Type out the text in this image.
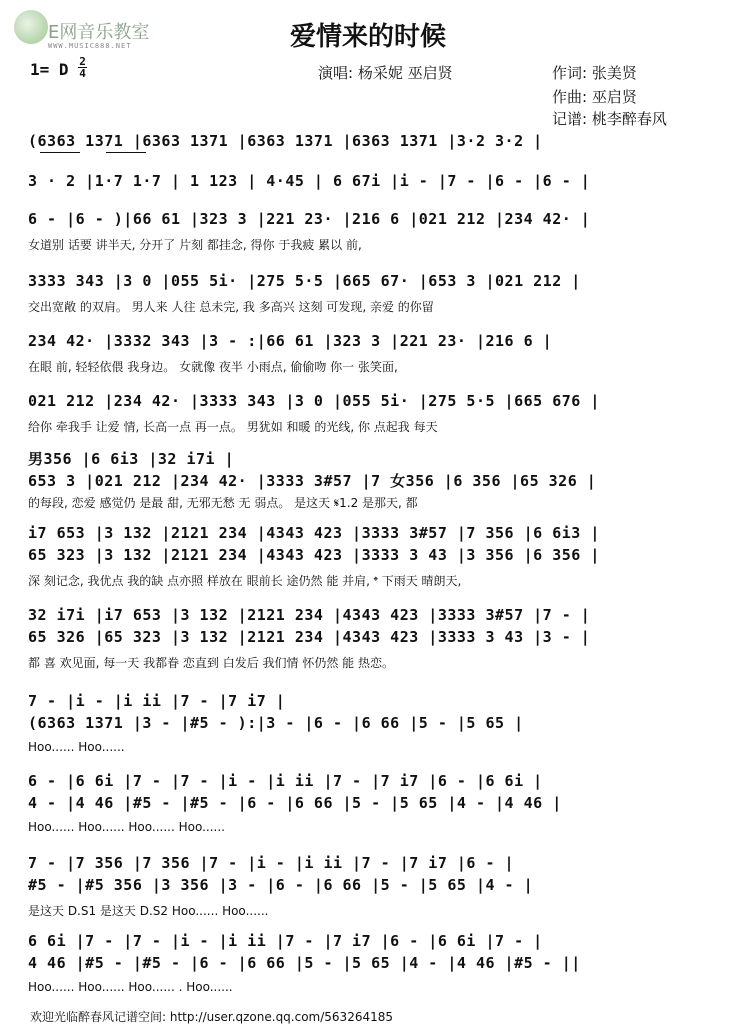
E网音乐教室
WWW.MUSIC888.NET	爱情来的时候
1= D 2
4	演唱: 杨采妮 巫启贤	作词: 张美贤
作曲: 巫启贤
记谱: 桃李醉春风
(6363 1371 |6363 1371 |6363 1371 |6363 1371 |3·2 3·2 |
3 · 2 |1·7 1·7 | 1 123 | 4·45 | 6 67i |i - |7 - |6 - |6 - |
6 - |6 - )|66 61 |323 3 |221 23· |216 6 |021 212 |234 42· |
女道别 话要 讲半天, 分开了 片刻 都挂念, 得你 于我疲 累以 前,
3333 343 |3 0 |055 5i· |275 5·5 |665 67· |653 3 |021 212 |
交出宽敞 的双肩。 男人来 人往 总未完, 我 多高兴 这刻 可发现, 亲爱 的你留
234 42· |3332 343 |3 - :|66 61 |323 3 |221 23· |216 6 |
在眼 前, 轻轻依偎 我身边。 女就像 夜半 小雨点, 偷偷吻 你一 张笑面,
021 212 |234 42· |3333 343 |3 0 |055 5i· |275 5·5 |665 676 |
给你 牵我手 让爱 情, 长高一点 再一点。 男犹如 和暖 的光线, 你 点起我 每天
男356 |6 6i3 |32 i7i |
653 3 |021 212 |234 42· |3333 3#57 |7 女356 |6 356 |65 326 |
的每段, 恋爱 感觉仍 是最 甜, 无邪无愁 无 弱点。 是这天 𝄋1.2 是那天, 都
i7 653 |3 132 |2121 234 |4343 423 |3333 3#57 |7 356 |6 6i3 |
65 323 |3 132 |2121 234 |4343 423 |3333 3 43 |3 356 |6 356 |
深 刻记念, 我优点 我的缺 点亦照 样放在 眼前长 途仍然 能 并肩, 𝄌 下雨天 晴朗天,
32 i7i |i7 653 |3 132 |2121 234 |4343 423 |3333 3#57 |7 - |
65 326 |65 323 |3 132 |2121 234 |4343 423 |3333 3 43 |3 - |
都 喜 欢见面, 每一天 我都眷 恋直到 白发后 我们情 怀仍然 能 热恋。
7 - |i - |i ii |7 - |7 i7 |
(6363 1371 |3 - |#5 - ):|3 - |6 - |6 66 |5 - |5 65 |
Hoo...... Hoo......
6 - |6 6i |7 - |7 - |i - |i ii |7 - |7 i7 |6 - |6 6i |
4 - |4 46 |#5 - |#5 - |6 - |6 66 |5 - |5 65 |4 - |4 46 |
Hoo...... Hoo...... Hoo...... Hoo......
7 - |7 356 |7 356 |7 - |i - |i ii |7 - |7 i7 |6 - |
#5 - |#5 356 |3 356 |3 - |6 - |6 66 |5 - |5 65 |4 - |
是这天 D.S1 是这天 D.S2 Hoo...... Hoo......
6 6i |7 - |7 - |i - |i ii |7 - |7 i7 |6 - |6 6i |7 - |
4 46 |#5 - |#5 - |6 - |6 66 |5 - |5 65 |4 - |4 46 |#5 - ||
Hoo...... Hoo...... Hoo...... . Hoo......
欢迎光临醉春风记谱空间: http://user.qzone.qq.com/563264185
